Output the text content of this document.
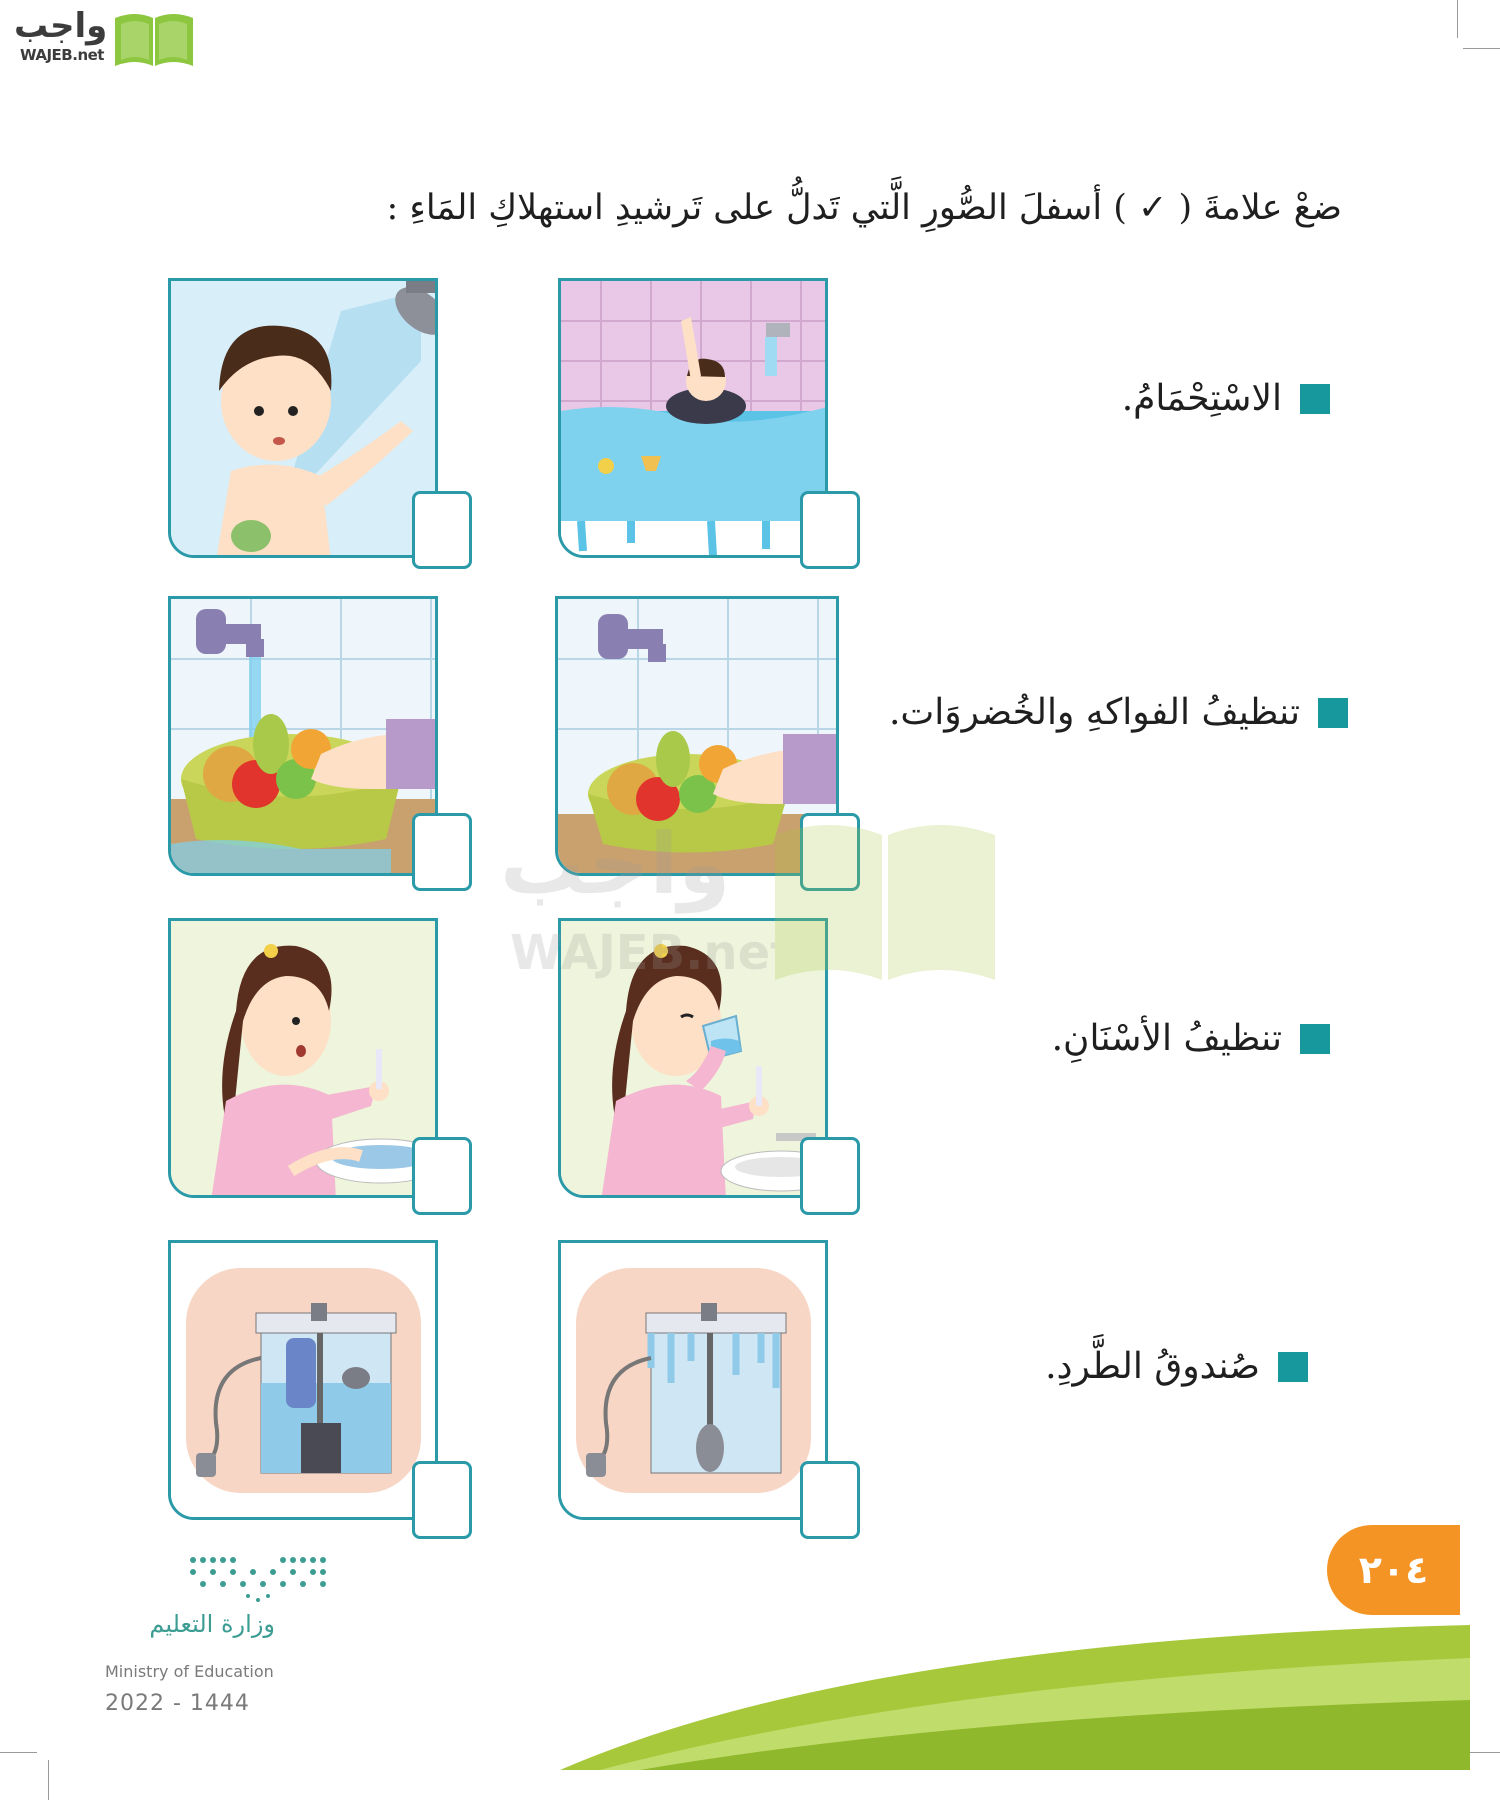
واجب
WAJEB.net

ضعْ علامةَ ( ✓ ) أسفلَ الصُّورِ الَّتي تَدلُّ على تَرشيدِ استهلاكِ المَاءِ :

الاسْتِحْمَامُ.
تنظيفُ الفواكهِ والخُضروَات.
تنظيفُ الأسْنَانِ.
صُندوقُ الطَّردِ.
واجب
WAJEB.net
وزارة التعليم
Ministry of Education
2022 - 1444
٢٠٤
